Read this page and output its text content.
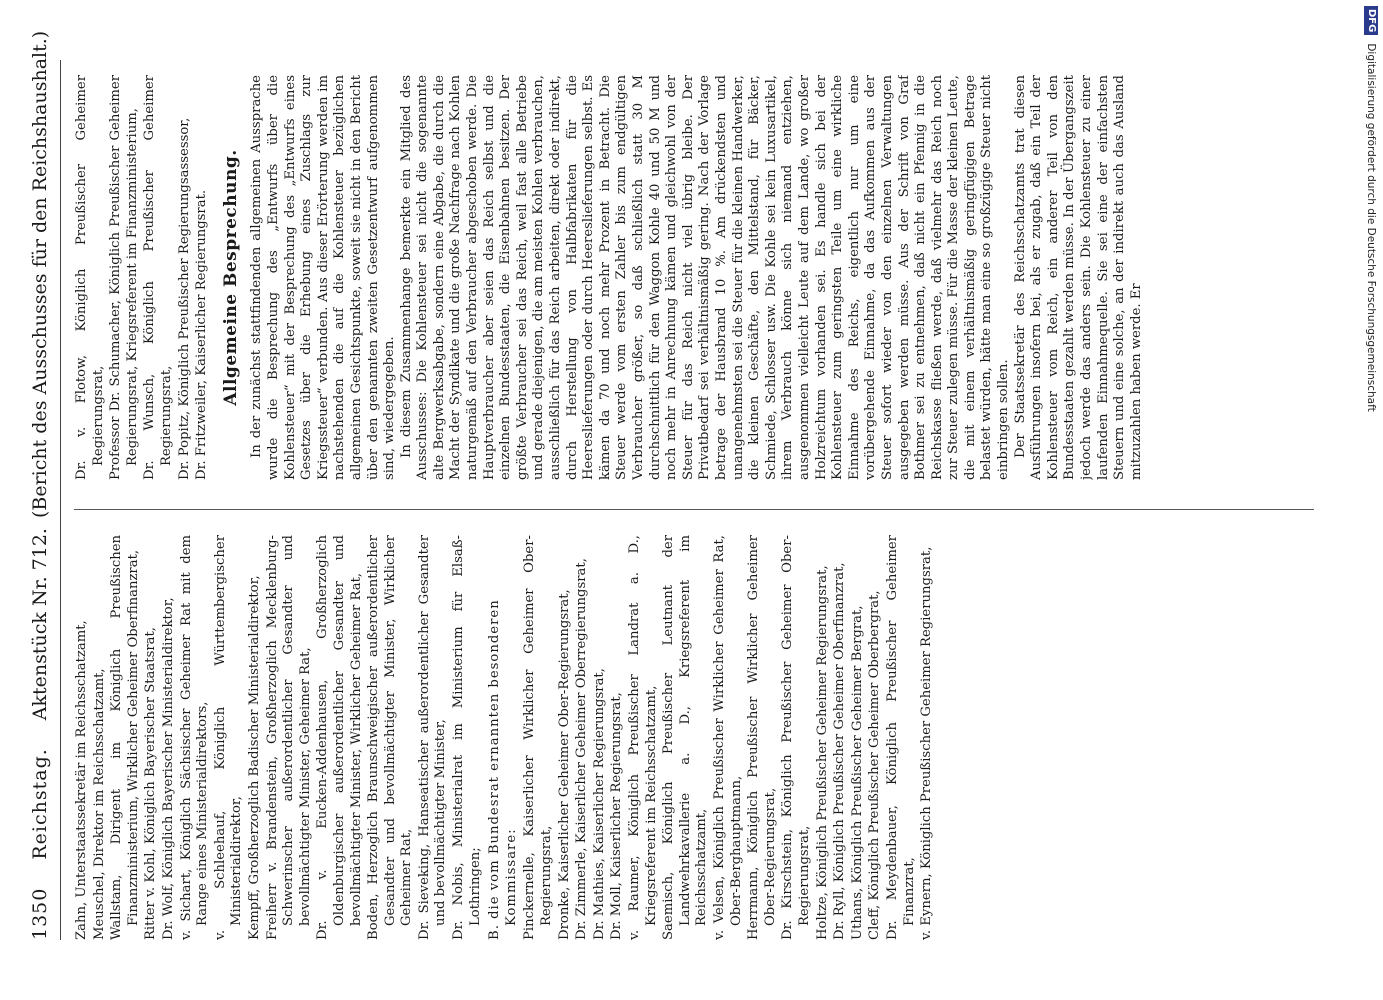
1350
Reichstag.
Aktenstück Nr. 712.
(Bericht des Ausschusses für den Reichshaushalt.)

Zahn, Unterstaatssekretär im Reichsschatzamt, Meuschel, Direktor im Reichsschatzamt, Wallstam, Dirigent im Königlich Preußischen Finanzministerium, Wirklicher Geheimer Oberfinanzrat, Ritter v. Kohl, Königlich Bayerischer Staatsrat, Dr. Wolf, Königlich Bayerischer Ministerialdirektor, v. Sichart, Königlich Sächsischer Geheimer Rat mit dem Range eines Ministerialdirektors, v. Schleehauf, Königlich Württembergischer Ministerialdirektor, Kempff, Großherzoglich Badischer Ministerialdirektor, Freiherr v. Brandenstein, Großherzoglich Mecklenburg-Schwerinscher außerordentlicher Gesandter und bevollmächtigter Minister, Geheimer Rat, Dr. v. Eucken-Addenhausen, Großherzoglich Oldenburgischer außerordentlicher Gesandter und bevollmächtigter Minister, Wirklicher Geheimer Rat, Boden, Herzoglich Braunschweigischer außerordentlicher Gesandter und bevollmächtigter Minister, Wirklicher Geheimer Rat, Dr. Sieveking, Hanseatischer außerordentlicher Gesandter und bevollmächtigter Minister, Dr. Nobis, Ministerialrat im Ministerium für Elsaß-Lothringen; B. die vom Bundesrat ernannten besonderen Kommissare: Pinckernelle, Kaiserlicher Wirklicher Geheimer Ober-Regierungsrat, Dronke, Kaiserlicher Geheimer Ober-Regierungsrat, Dr. Zimmerle, Kaiserlicher Geheimer Oberregierungsrat, Dr. Mathies, Kaiserlicher Regierungsrat, Dr. Moll, Kaiserlicher Regierungsrat, v. Raumer, Königlich Preußischer Landrat a. D., Kriegsreferent im Reichsschatzamt, Saemisch, Königlich Preußischer Leutnant der Landwehrkavallerie a. D., Kriegsreferent im Reichsschatzamt, v. Velsen, Königlich Preußischer Wirklicher Geheimer Rat, Ober-Berghauptmann, Herrmann, Königlich Preußischer Wirklicher Geheimer Ober-Regierungsrat, Dr. Kirschstein, Königlich Preußischer Geheimer Ober-Regierungsrat, Holtze, Königlich Preußischer Geheimer Regierungsrat, Dr. Ryll, Königlich Preußischer Geheimer Oberfinanzrat, Uthans, Königlich Preußischer Geheimer Bergrat, Cleff, Königlich Preußischer Geheimer Oberbergrat, Dr. Meydenbauer, Königlich Preußischer Geheimer Finanzrat, v. Eynern, Königlich Preußischer Geheimer Regierungsrat,

Dr. v. Flotow, Königlich Preußischer Geheimer Regierungsrat, Professor Dr. Schumacher, Königlich Preußischer Geheimer Regierungsrat, Kriegsreferent im Finanzministerium, Dr. Wunsch, Königlich Preußischer Geheimer Regierungsrat, Dr. Popitz, Königlich Preußischer Regierungsassessor, Dr. Fritzweiler, Kaiserlicher Regierungsrat. Allgemeine Besprechung. In der zunächst stattfindenden allgemeinen Aussprache wurde die Besprechung des „Entwurfs über die Kohlensteuer“ mit der Besprechung des „Entwurfs eines Gesetzes über die Erhebung eines Zuschlags zur Kriegssteuer“ verbunden. Aus dieser Erörterung werden im nachstehenden die auf die Kohlensteuer bezüglichen allgemeinen Gesichtspunkte, soweit sie nicht in den Bericht über den genannten zweiten Gesetzentwurf aufgenommen sind, wiedergegeben. In diesem Zusammenhange bemerkte ein Mitglied des Ausschusses: Die Kohlensteuer sei nicht die sogenannte alte Bergwerksabgabe, sondern eine Abgabe, die durch die Macht der Syndikate und die große Nachfrage nach Kohlen naturgemäß auf den Verbraucher abgeschoben werde. Die Hauptverbraucher aber seien das Reich selbst und die einzelnen Bundesstaaten, die Eisenbahnen besitzen. Der größte Verbraucher sei das Reich, weil fast alle Betriebe und gerade diejenigen, die am meisten Kohlen verbrauchen, ausschließlich für das Reich arbeiten, direkt oder indirekt, durch Herstellung von Halbfabrikaten für die Heereslieferungen oder durch Heereslieferungen selbst. Es kämen da 70 und noch mehr Prozent in Betracht. Die Steuer werde vom ersten Zahler bis zum endgültigen Verbraucher größer, so daß schließlich statt 30 M durchschnittlich für den Waggon Kohle 40 und 50 M und noch mehr in Anrechnung kämen und gleichwohl von der Steuer für das Reich nicht viel übrig bleibe. Der Privatbedarf sei verhältnismäßig gering. Nach der Vorlage betrage der Hausbrand 10 %. Am drückendsten und unangenehmsten sei die Steuer für die kleinen Handwerker, die kleinen Geschäfte, den Mittelstand, für Bäcker, Schmiede, Schlosser usw. Die Kohle sei kein Luxusartikel, ihrem Verbrauch könne sich niemand entziehen, ausgenommen vielleicht Leute auf dem Lande, wo großer Holzreichtum vorhanden sei. Es handle sich bei der Kohlensteuer zum geringsten Teile um eine wirkliche Einnahme des Reichs, eigentlich nur um eine vorübergehende Einnahme, da das Aufkommen aus der Steuer sofort wieder von den einzelnen Verwaltungen ausgegeben werden müsse. Aus der Schrift von Graf Bothmer sei zu entnehmen, daß nicht ein Pfennig in die Reichskasse fließen werde, daß vielmehr das Reich noch zur Steuer zulegen müsse. Für die Masse der kleinen Leute, die mit einem verhältnismäßig geringfügigen Betrage belastet würden, hätte man eine so großzügige Steuer nicht einbringen sollen. Der Staatssekretär des Reichsschatzamts trat diesen Ausführungen insofern bei, als er zugab, daß ein Teil der Kohlensteuer vom Reich, ein anderer Teil von den Bundesstaaten gezahlt werden müsse. In der Übergangszeit jedoch werde das anders sein. Die Kohlensteuer zu einer laufenden Einnahmequelle. Sie sei eine der einfachsten Steuern und eine solche, an der indirekt auch das Ausland mitzuzahlen haben werde. Er

DFG
Digitalisierung gefördert durch die Deutsche Forschungsgemeinschaft
